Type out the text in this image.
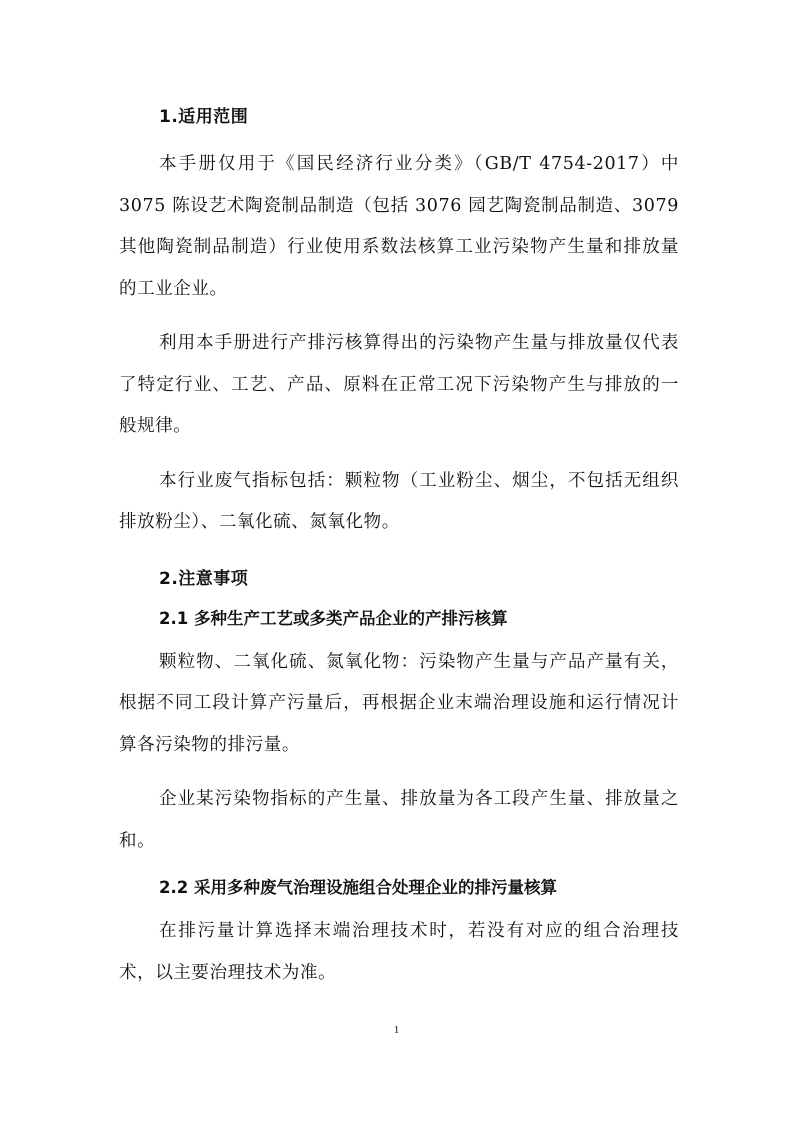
1.适用范围

本手册仅用于《国民经济行业分类》（GB/T 4754-2017）中 3075 陈设艺术陶瓷制品制造（包括 3076 园艺陶瓷制品制造、3079 其他陶瓷制品制造）行业使用系数法核算工业污染物产生量和排放量的工业企业。

利用本手册进行产排污核算得出的污染物产生量与排放量仅代表了特定行业、工艺、产品、原料在正常工况下污染物产生与排放的一般规律。

本行业废气指标包括：颗粒物（工业粉尘、烟尘，不包括无组织排放粉尘）、二氧化硫、氮氧化物。

2.注意事项
2.1 多种生产工艺或多类产品企业的产排污核算

颗粒物、二氧化硫、氮氧化物：污染物产生量与产品产量有关，根据不同工段计算产污量后，再根据企业末端治理设施和运行情况计算各污染物的排污量。

企业某污染物指标的产生量、排放量为各工段产生量、排放量之和。

2.2 采用多种废气治理设施组合处理企业的排污量核算

在排污量计算选择末端治理技术时，若没有对应的组合治理技术，以主要治理技术为准。

1
